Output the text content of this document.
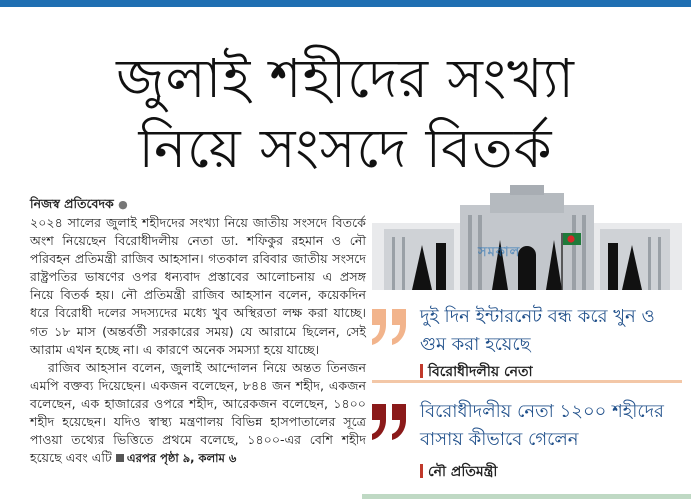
জুলাই শহীদের সংখ্যা
নিয়ে সংসদে বিতর্ক
নিজস্ব প্রতিবেদক ●

২০২৪ সালের জুলাই শহীদদের সংখ্যা নিয়ে জাতীয় সংসদে বিতর্কে অংশ নিয়েছেন বিরোধীদলীয় নেতা ডা. শফিকুর রহমান ও নৌ পরিবহন প্রতিমন্ত্রী রাজিব আহসান। গতকাল রবিবার জাতীয় সংসদে রাষ্ট্রপতির ভাষণের ওপর ধন্যবাদ প্রস্তাবের আলোচনায় এ প্রসঙ্গ নিয়ে বিতর্ক হয়। নৌ প্রতিমন্ত্রী রাজিব আহসান বলেন, কয়েকদিন ধরে বিরোধী দলের সদস্যদের মধ্যে খুব অস্থিরতা লক্ষ করা যাচ্ছে। গত ১৮ মাস (অন্তর্বর্তী সরকারের সময়) যে আরামে ছিলেন, সেই আরাম এখন হচ্ছে না। এ কারণে অনেক সমস্যা হয়ে যাচ্ছে।

রাজিব আহসান বলেন, জুলাই আন্দোলন নিয়ে অন্তত তিনজন এমপি বক্তব্য দিয়েছেন। একজন বলেছেন, ৮৪৪ জন শহীদ, একজন বলেছেন, এক হাজারের ওপরে শহীদ, আরেকজন বলেছেন, ১৪০০ শহীদ হয়েছেন। যদিও স্বাস্থ্য মন্ত্রণালয় বিভিন্ন হাসপাতালের সূত্রে পাওয়া তথ্যের ভিত্তিতে প্রথমে বলেছে, ১৪০০-এর বেশি শহীদ হয়েছে এবং এটি এরপর পৃষ্ঠা ৯, কলাম ৬

সমকাল
দুই দিন ইন্টারনেট বন্ধ করে খুন ও গুম করা হয়েছে
বিরোধীদলীয় নেতা
বিরোধীদলীয় নেতা ১২০০ শহীদের বাসায় কীভাবে গেলেন
নৌ প্রতিমন্ত্রী
